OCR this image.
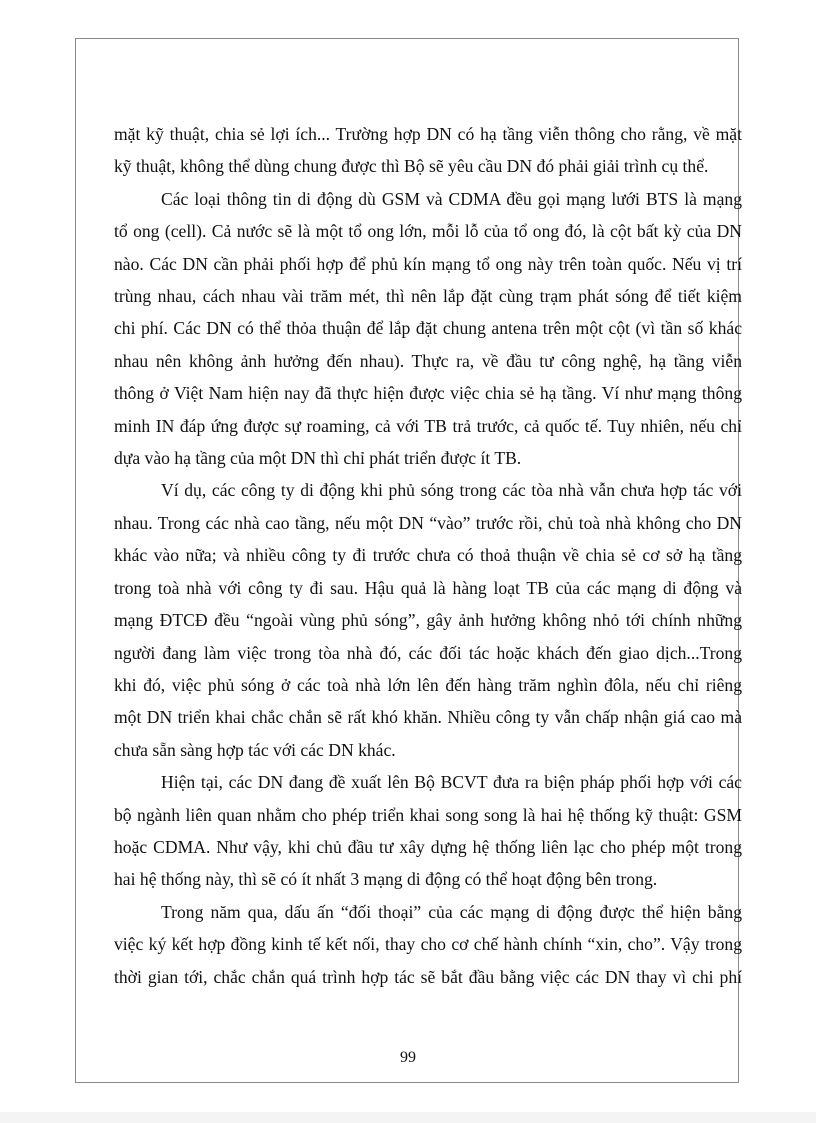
mặt kỹ thuật, chia sẻ lợi ích... Trường hợp DN có hạ tầng viễn thông cho rằng, về mặt
kỹ thuật, không thể dùng chung được thì Bộ sẽ yêu cầu DN đó phải giải trình cụ thể.
Các loại thông tin di động dù GSM và CDMA đều gọi mạng lưới BTS là mạng
tổ ong (cell). Cả nước sẽ là một tổ ong lớn, mỗi lỗ của tổ ong đó, là cột bất kỳ của DN
nào. Các DN cần phải phối hợp để phủ kín mạng tổ ong này trên toàn quốc. Nếu vị trí
trùng nhau, cách nhau vài trăm mét, thì nên lắp đặt cùng trạm phát sóng để tiết kiệm
chi phí. Các DN có thể thỏa thuận để lắp đặt chung antena trên một cột (vì tần số khác
nhau nên không ảnh hưởng đến nhau). Thực ra, về đầu tư công nghệ, hạ tầng viễn
thông ở Việt Nam hiện nay đã thực hiện được việc chia sẻ hạ tầng. Ví như mạng thông
minh IN đáp ứng được sự roaming, cả với TB trả trước, cả quốc tế. Tuy nhiên, nếu chỉ
dựa vào hạ tầng của một DN thì chỉ phát triển được ít TB.
Ví dụ, các công ty di động khi phủ sóng trong các tòa nhà vẫn chưa hợp tác với
nhau. Trong các nhà cao tầng, nếu một DN “vào” trước rồi, chủ toà nhà không cho DN
khác vào nữa; và nhiều công ty đi trước chưa có thoả thuận về chia sẻ cơ sở hạ tầng
trong toà nhà với công ty đi sau. Hậu quả là hàng loạt TB của các mạng di động và
mạng ĐTCĐ đều “ngoài vùng phủ sóng”, gây ảnh hưởng không nhỏ tới chính những
người đang làm việc trong tòa nhà đó, các đối tác hoặc khách đến giao dịch...Trong
khi đó, việc phủ sóng ở các toà nhà lớn lên đến hàng trăm nghìn đôla, nếu chỉ riêng
một DN triển khai chắc chắn sẽ rất khó khăn. Nhiều công ty vẫn chấp nhận giá cao mà
chưa sẵn sàng hợp tác với các DN khác.
Hiện tại, các DN đang đề xuất lên Bộ BCVT đưa ra biện pháp phối hợp với các
bộ ngành liên quan nhằm cho phép triển khai song song là hai hệ thống kỹ thuật: GSM
hoặc CDMA. Như vậy, khi chủ đầu tư xây dựng hệ thống liên lạc cho phép một trong
hai hệ thống này, thì sẽ có ít nhất 3 mạng di động có thể hoạt động bên trong.
Trong năm qua, dấu ấn “đối thoại” của các mạng di động được thể hiện bằng
việc ký kết hợp đồng kinh tế kết nối, thay cho cơ chế hành chính “xin, cho”. Vậy trong
thời gian tới, chắc chắn quá trình hợp tác sẽ bắt đầu bằng việc các DN thay vì chi phí
99
